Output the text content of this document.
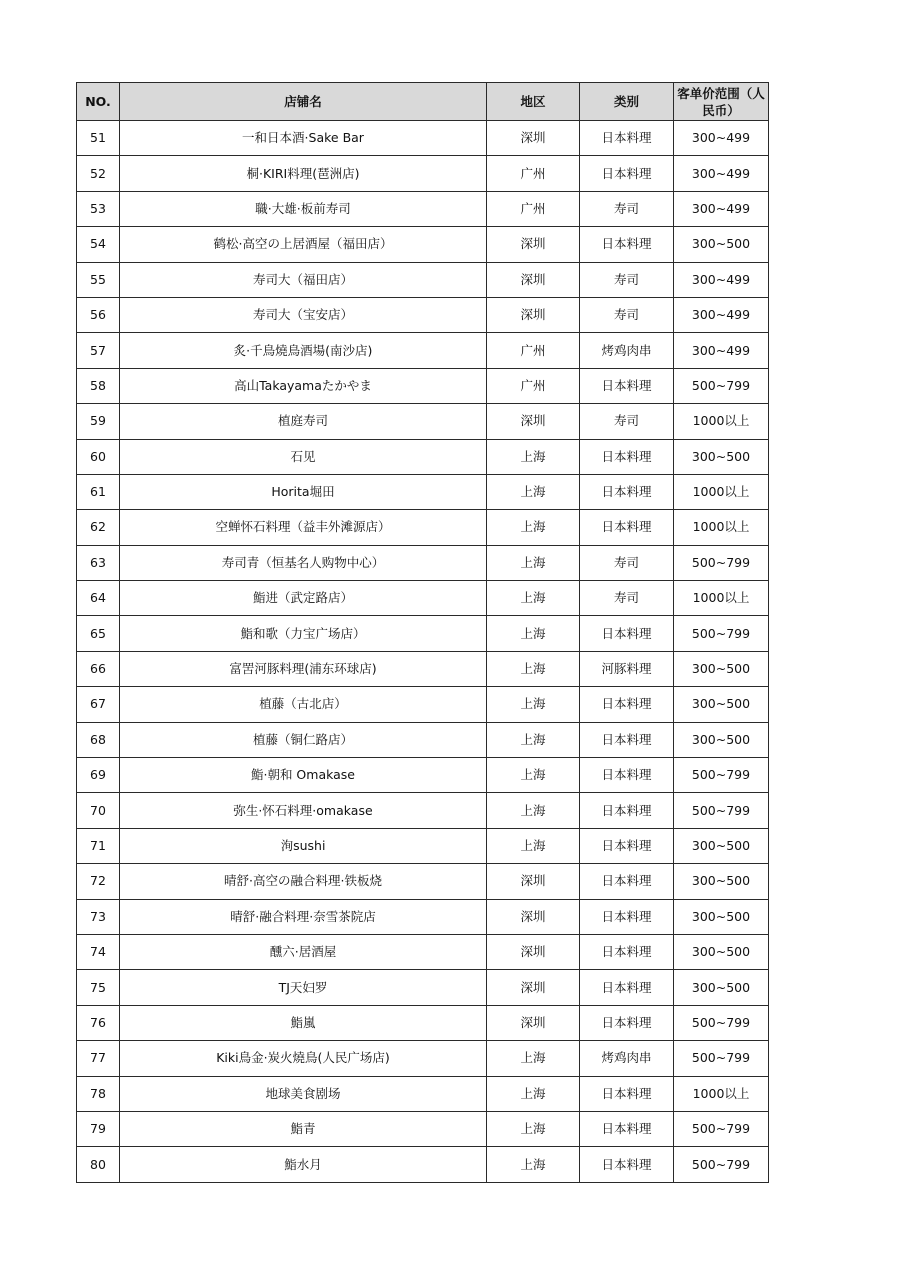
NO.	店铺名	地区	类别	客单价范围（人民币）
51	一和日本酒·Sake Bar	深圳	日本料理	300~499
52	桐·KIRI料理(琶洲店)	广州	日本料理	300~499
53	職·大雄·板前寿司	广州	寿司	300~499
54	鹤松·高空の上居酒屋（福田店）	深圳	日本料理	300~500
55	寿司大（福田店）	深圳	寿司	300~499
56	寿司大（宝安店）	深圳	寿司	300~499
57	炙·千鳥燒鳥酒場(南沙店)	广州	烤鸡肉串	300~499
58	高山Takayamaたかやま	广州	日本料理	500~799
59	植庭寿司	深圳	寿司	1000以上
60	石见	上海	日本料理	300~500
61	Horita堀田	上海	日本料理	1000以上
62	空蝉怀石料理（益丰外滩源店）	上海	日本料理	1000以上
63	寿司青（恒基名人购物中心）	上海	寿司	500~799
64	鮨进（武定路店）	上海	寿司	1000以上
65	鮨和歌（力宝广场店）	上海	日本料理	500~799
66	富罟河豚料理(浦东环球店)	上海	河豚料理	300~500
67	植藤（古北店）	上海	日本料理	300~500
68	植藤（铜仁路店）	上海	日本料理	300~500
69	鮨·朝和 Omakase	上海	日本料理	500~799
70	弥生·怀石料理·omakase	上海	日本料理	500~799
71	洵sushi	上海	日本料理	300~500
72	晴舒·高空の融合料理·铁板烧	深圳	日本料理	300~500
73	晴舒·融合料理·奈雪茶院店	深圳	日本料理	300~500
74	醺六·居酒屋	深圳	日本料理	300~500
75	TJ天妇罗	深圳	日本料理	300~500
76	鮨嵐	深圳	日本料理	500~799
77	Kiki鳥金·炭火燒鳥(人民广场店)	上海	烤鸡肉串	500~799
78	地球美食剧场	上海	日本料理	1000以上
79	鮨青	上海	日本料理	500~799
80	鮨水月	上海	日本料理	500~799
